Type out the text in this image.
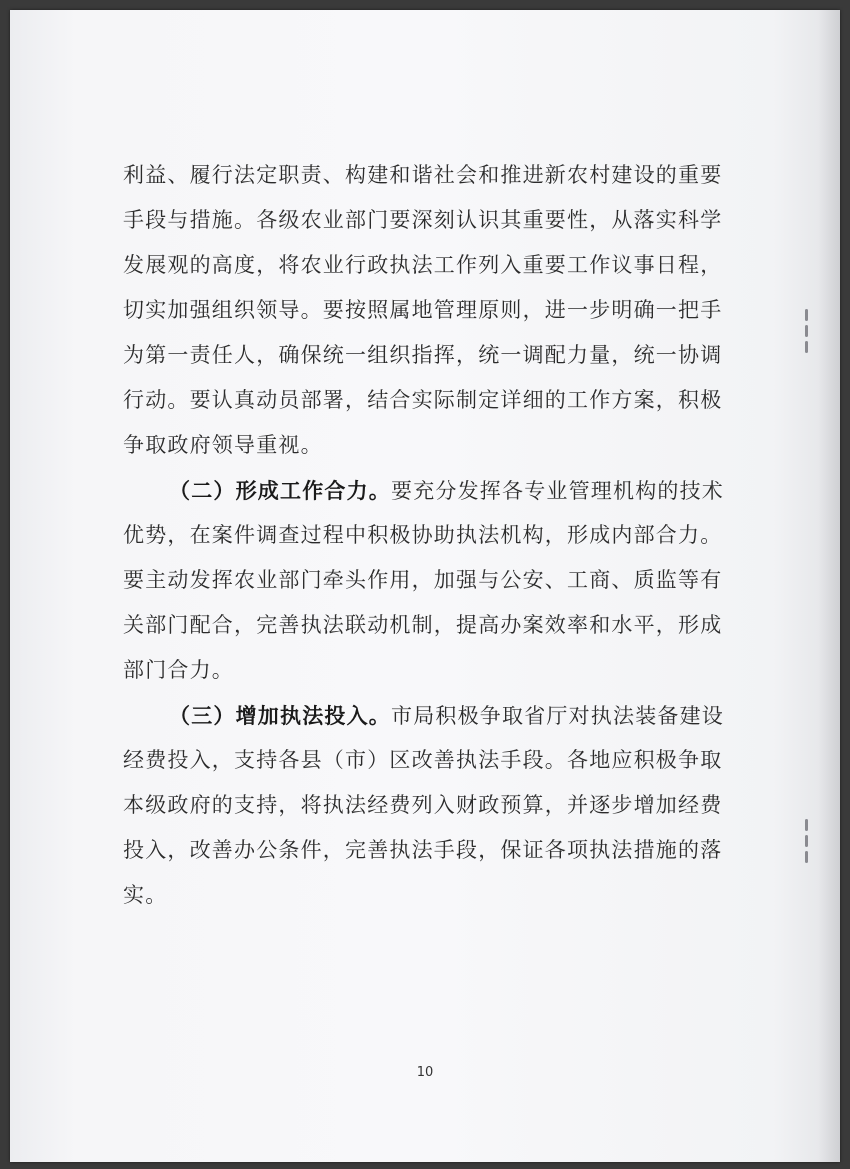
利益、履行法定职责、构建和谐社会和推进新农村建设的重要
手段与措施。各级农业部门要深刻认识其重要性，从落实科学
发展观的高度，将农业行政执法工作列入重要工作议事日程，
切实加强组织领导。要按照属地管理原则，进一步明确一把手
为第一责任人，确保统一组织指挥，统一调配力量，统一协调
行动。要认真动员部署，结合实际制定详细的工作方案，积极
争取政府领导重视。
（二）形成工作合力。要充分发挥各专业管理机构的技术
优势，在案件调查过程中积极协助执法机构，形成内部合力。
要主动发挥农业部门牵头作用，加强与公安、工商、质监等有
关部门配合，完善执法联动机制，提高办案效率和水平，形成
部门合力。
（三）增加执法投入。市局积极争取省厅对执法装备建设
经费投入，支持各县（市）区改善执法手段。各地应积极争取
本级政府的支持，将执法经费列入财政预算，并逐步增加经费
投入，改善办公条件，完善执法手段，保证各项执法措施的落
实。
10
